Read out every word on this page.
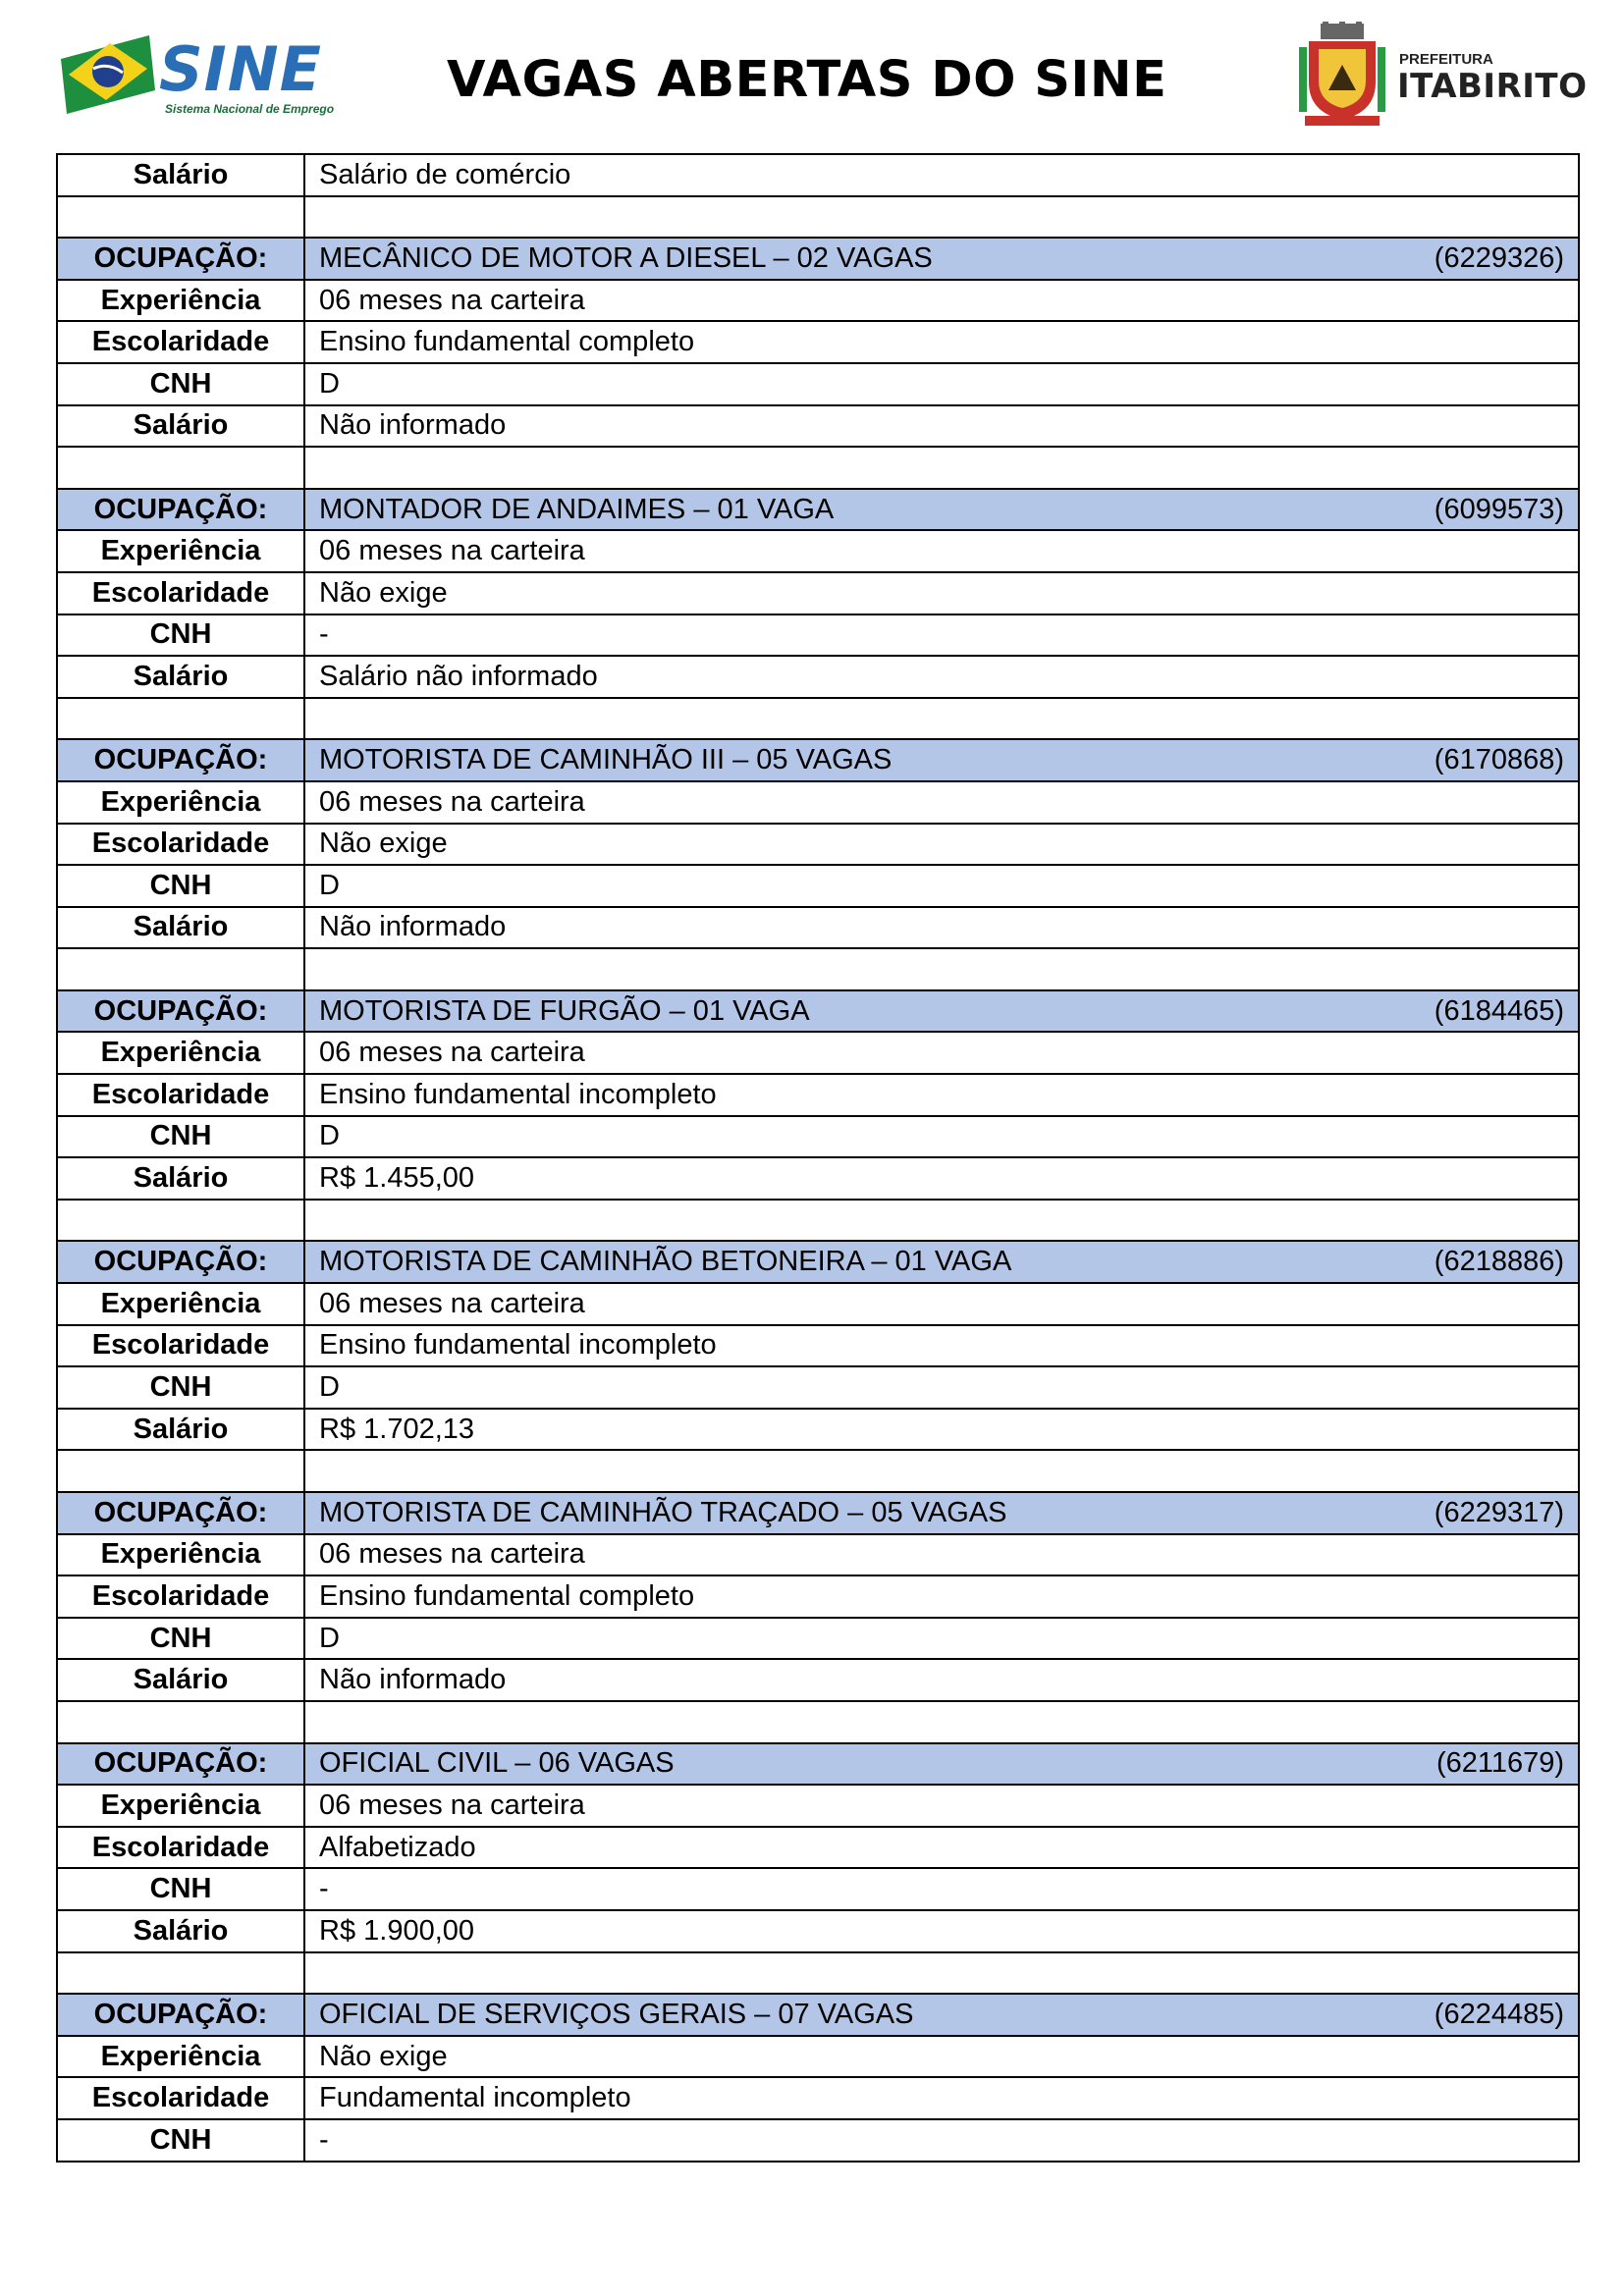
SINE
Sistema Nacional de Emprego VAGAS ABERTAS DO SINE	PREFEITURA
ITABIRITO
Salário	Salário de comércio

OCUPAÇÃO:	MECÂNICO DE MOTOR A DIESEL – 02 VAGAS (6229326)

Experiência	06 meses na carteira
Escolaridade	Ensino fundamental completo
CNH	D
Salário	Não informado

OCUPAÇÃO:	MONTADOR DE ANDAIMES – 01 VAGA (6099573)

Experiência	06 meses na carteira
Escolaridade	Não exige
CNH	-
Salário	Salário não informado

OCUPAÇÃO:	MOTORISTA DE CAMINHÃO III – 05 VAGAS (6170868)

Experiência	06 meses na carteira
Escolaridade	Não exige
CNH	D
Salário	Não informado

OCUPAÇÃO:	MOTORISTA DE FURGÃO – 01 VAGA (6184465)

Experiência	06 meses na carteira
Escolaridade	Ensino fundamental incompleto
CNH	D
Salário	R$ 1.455,00

OCUPAÇÃO:	MOTORISTA DE CAMINHÃO BETONEIRA – 01 VAGA (6218886)

Experiência	06 meses na carteira
Escolaridade	Ensino fundamental incompleto
CNH	D
Salário	R$ 1.702,13

OCUPAÇÃO:	MOTORISTA DE CAMINHÃO TRAÇADO – 05 VAGAS (6229317)

Experiência	06 meses na carteira
Escolaridade	Ensino fundamental completo
CNH	D
Salário	Não informado

OCUPAÇÃO:	OFICIAL CIVIL – 06 VAGAS (6211679)

Experiência	06 meses na carteira
Escolaridade	Alfabetizado
CNH	-
Salário	R$ 1.900,00

OCUPAÇÃO:	OFICIAL DE SERVIÇOS GERAIS – 07 VAGAS (6224485)

Experiência	Não exige
Escolaridade	Fundamental incompleto
CNH	-
